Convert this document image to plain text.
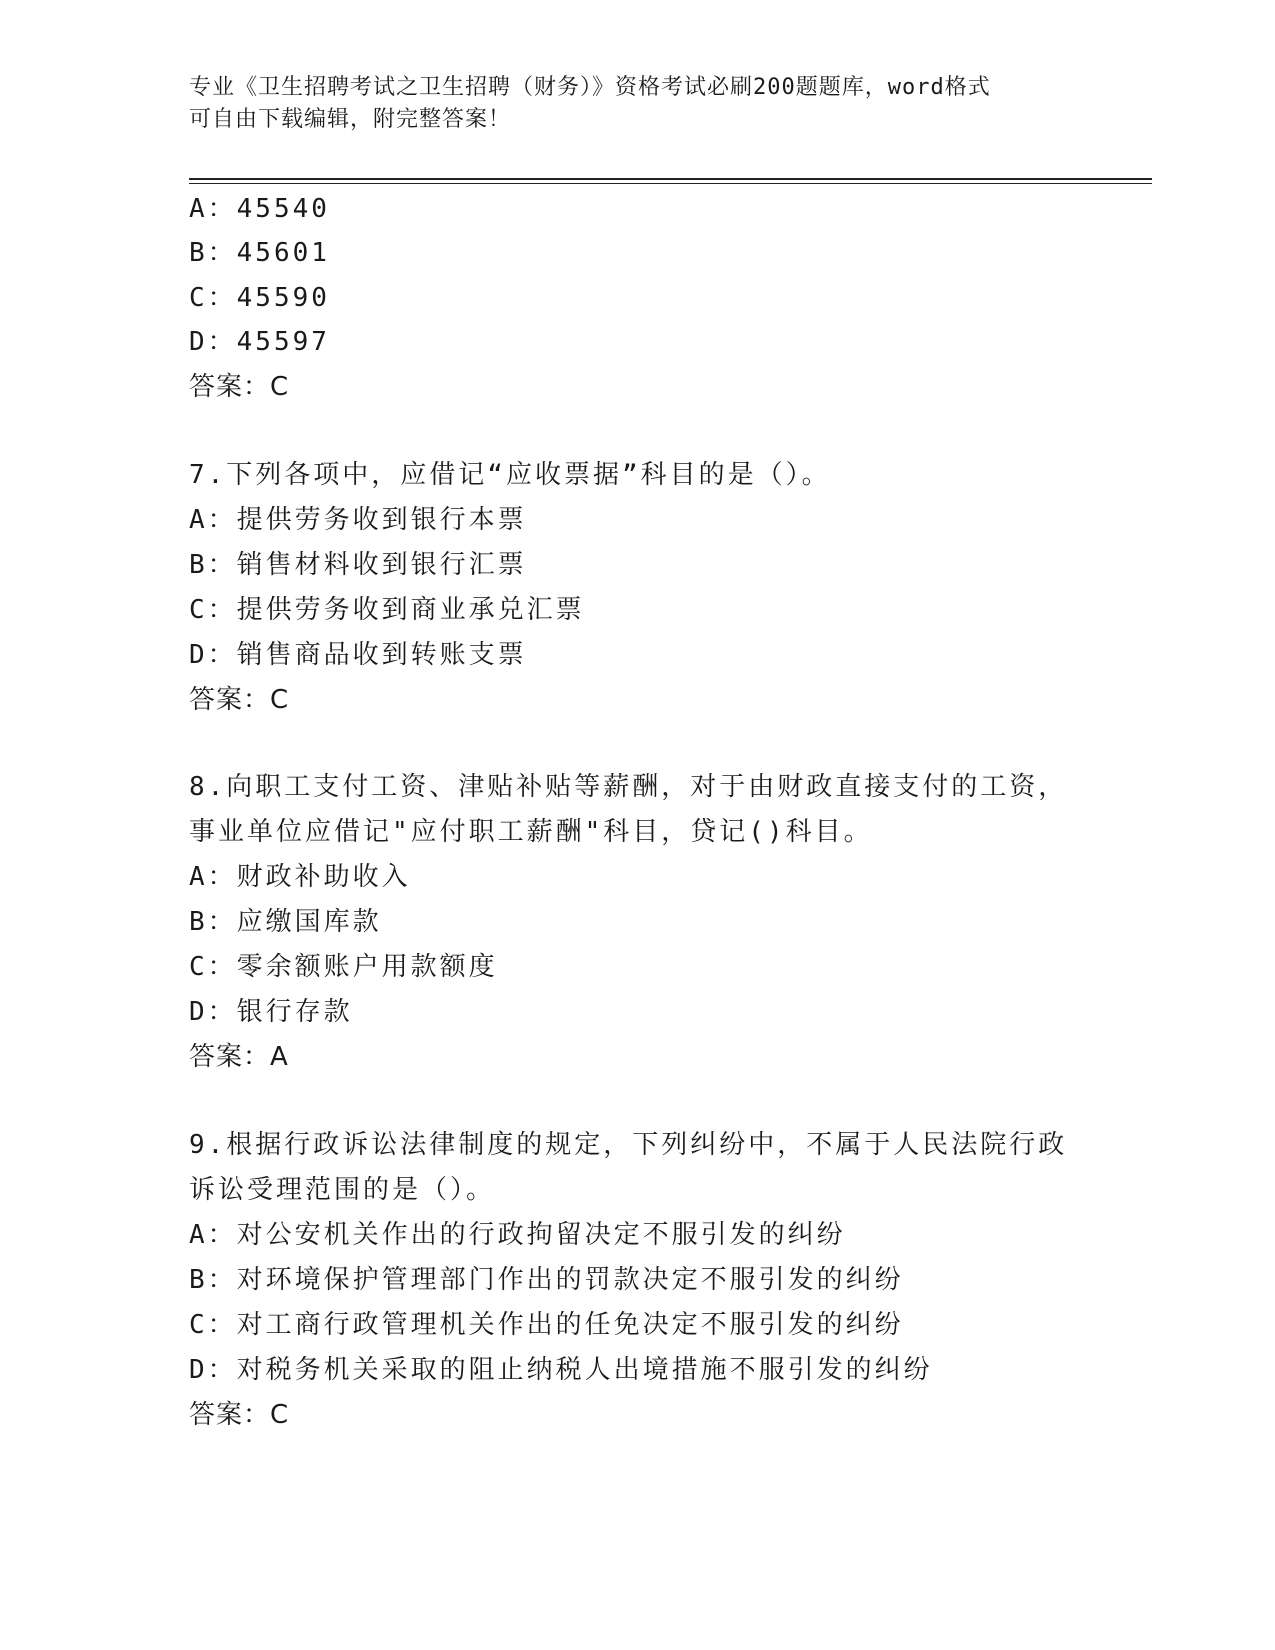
专业《卫生招聘考试之卫生招聘（财务）》资格考试必刷200题题库，word格式
可自由下载编辑，附完整答案！
A：45540
B：45601
C：45590
D：45597
答案：C
7.下列各项中，应借记“应收票据”科目的是（）。
A：提供劳务收到银行本票
B：销售材料收到银行汇票
C：提供劳务收到商业承兑汇票
D：销售商品收到转账支票
答案：C
8.向职工支付工资、津贴补贴等薪酬，对于由财政直接支付的工资，
事业单位应借记"应付职工薪酬"科目，贷记()科目。
A：财政补助收入
B：应缴国库款
C：零余额账户用款额度
D：银行存款
答案：A
9.根据行政诉讼法律制度的规定，下列纠纷中，不属于人民法院行政
诉讼受理范围的是（）。
A：对公安机关作出的行政拘留决定不服引发的纠纷
B：对环境保护管理部门作出的罚款决定不服引发的纠纷
C：对工商行政管理机关作出的任免决定不服引发的纠纷
D：对税务机关采取的阻止纳税人出境措施不服引发的纠纷
答案：C
